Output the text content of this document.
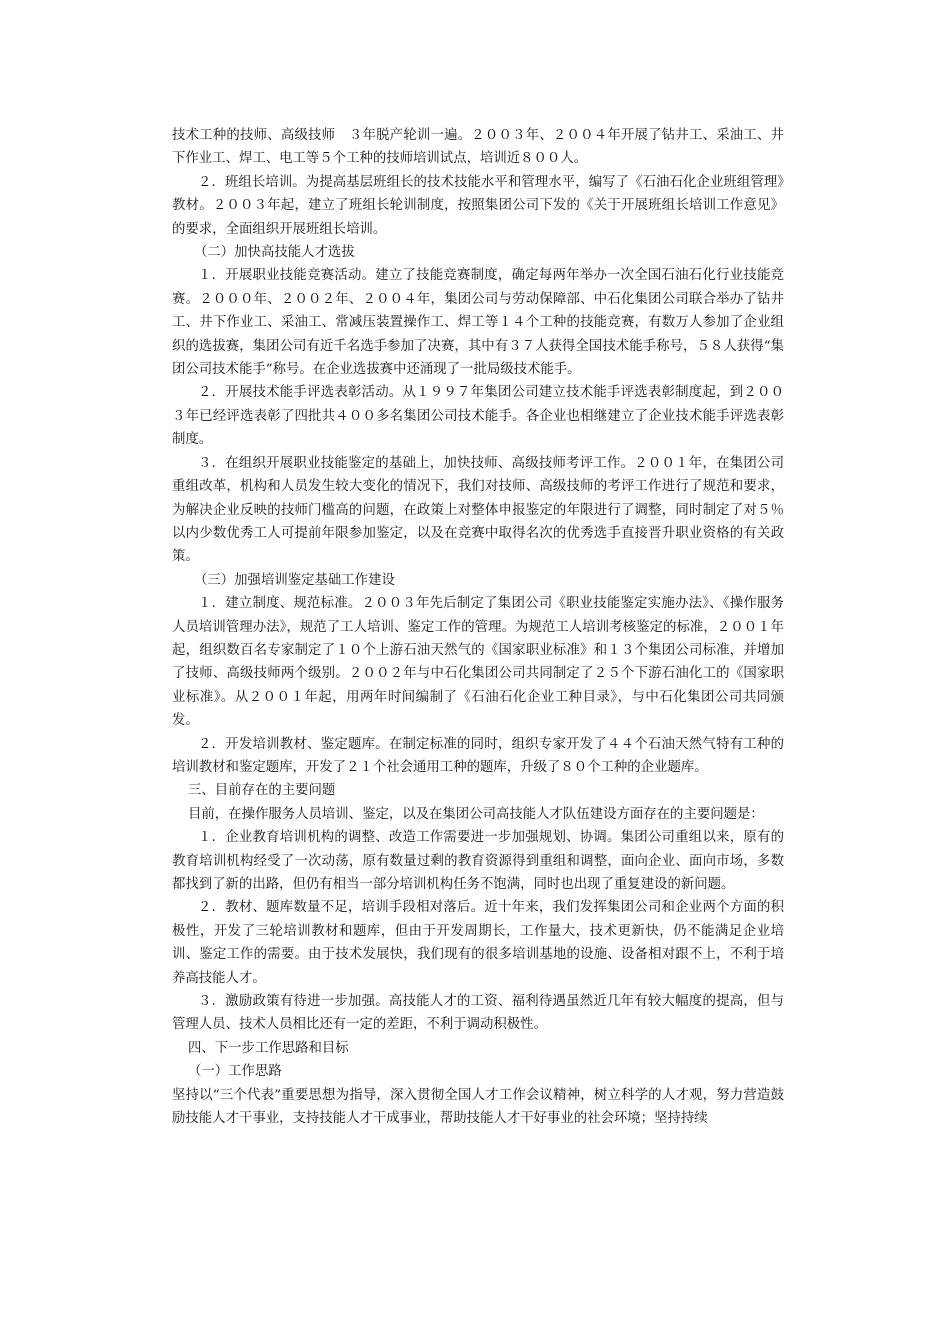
技术工种的技师、高级技师　３年脱产轮训一遍。２００３年、２００４年开展了钻井工、采油工、井下作业工、焊工、电工等５个工种的技师培训试点，培训近８００人。

２．班组长培训。为提高基层班组长的技术技能水平和管理水平，编写了《石油石化企业班组管理》教材。２００３年起，建立了班组长轮训制度，按照集团公司下发的《关于开展班组长培训工作意见》的要求，全面组织开展班组长培训。

（二）加快高技能人才选拔

１．开展职业技能竞赛活动。建立了技能竞赛制度，确定每两年举办一次全国石油石化行业技能竞赛。２０００年、２００２年、２００４年，集团公司与劳动保障部、中石化集团公司联合举办了钻井工、井下作业工、采油工、常减压装置操作工、焊工等１４个工种的技能竞赛，有数万人参加了企业组织的选拔赛，集团公司有近千名选手参加了决赛，其中有３７人获得全国技术能手称号，５８人获得“集团公司技术能手”称号。在企业选拔赛中还涌现了一批局级技术能手。

２．开展技术能手评选表彰活动。从１９９７年集团公司建立技术能手评选表彰制度起，到２００３年已经评选表彰了四批共４００多名集团公司技术能手。各企业也相继建立了企业技术能手评选表彰制度。

３．在组织开展职业技能鉴定的基础上，加快技师、高级技师考评工作。２００１年，在集团公司重组改革，机构和人员发生较大变化的情况下，我们对技师、高级技师的考评工作进行了规范和要求，为解决企业反映的技师门槛高的问题，在政策上对整体申报鉴定的年限进行了调整，同时制定了对５％以内少数优秀工人可提前年限参加鉴定，以及在竞赛中取得名次的优秀选手直接晋升职业资格的有关政策。

（三）加强培训鉴定基础工作建设

１．建立制度、规范标准。２００３年先后制定了集团公司《职业技能鉴定实施办法》、《操作服务人员培训管理办法》，规范了工人培训、鉴定工作的管理。为规范工人培训考核鉴定的标准，２００１年起，组织数百名专家制定了１０个上游石油天然气的《国家职业标准》和１３个集团公司标准，并增加了技师、高级技师两个级别。２００２年与中石化集团公司共同制定了２５个下游石油化工的《国家职业标准》。从２００１年起，用两年时间编制了《石油石化企业工种目录》，与中石化集团公司共同颁发。

２．开发培训教材、鉴定题库。在制定标准的同时，组织专家开发了４４个石油天然气特有工种的培训教材和鉴定题库，开发了２１个社会通用工种的题库，升级了８０个工种的企业题库。

三、目前存在的主要问题

目前，在操作服务人员培训、鉴定，以及在集团公司高技能人才队伍建设方面存在的主要问题是：

１．企业教育培训机构的调整、改造工作需要进一步加强规划、协调。集团公司重组以来，原有的教育培训机构经受了一次动荡，原有数量过剩的教育资源得到重组和调整，面向企业、面向市场，多数都找到了新的出路，但仍有相当一部分培训机构任务不饱满，同时也出现了重复建设的新问题。

２．教材、题库数量不足，培训手段相对落后。近十年来，我们发挥集团公司和企业两个方面的积极性，开发了三轮培训教材和题库，但由于开发周期长，工作量大，技术更新快，仍不能满足企业培训、鉴定工作的需要。由于技术发展快，我们现有的很多培训基地的设施、设备相对跟不上，不利于培养高技能人才。

３．激励政策有待进一步加强。高技能人才的工资、福利待遇虽然近几年有较大幅度的提高，但与管理人员、技术人员相比还有一定的差距，不利于调动积极性。

四、下一步工作思路和目标

（一）工作思路

坚持以“三个代表”重要思想为指导，深入贯彻全国人才工作会议精神，树立科学的人才观，努力营造鼓励技能人才干事业，支持技能人才干成事业，帮助技能人才干好事业的社会环境；坚持持续
